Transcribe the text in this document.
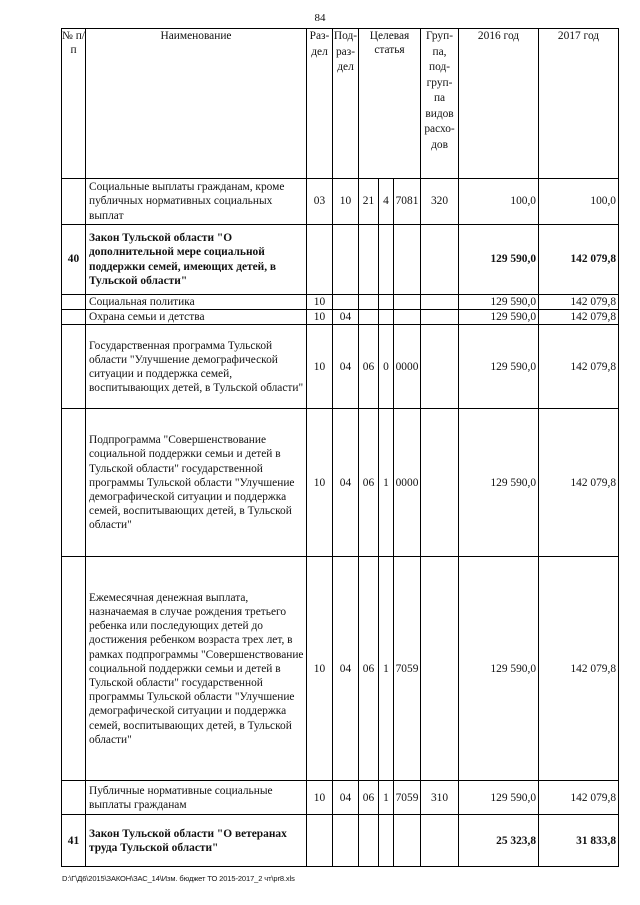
84
№ п/п	Наименование	Раз- дел	Под- раз- дел	Целевая статья			Груп- па, под- груп- па видов расхо- дов	2016 год	2017 год
	Социальные выплаты гражданам, кроме публичных нормативных социальных выплат	03	10	21	4	7081	320	100,0	100,0
40	Закон Тульской области "О дополнительной мере социальной поддержки семей, имеющих детей, в Тульской области"							129 590,0	142 079,8
	Социальная политика	10						129 590,0	142 079,8
	Охрана семьи и детства	10	04					129 590,0	142 079,8
	Государственная программа Тульской области "Улучшение демографической ситуации и поддержка семей, воспитывающих детей, в Тульской области"	10	04	06	0	0000		129 590,0	142 079,8
	Подпрограмма "Совершенствование социальной поддержки семьи и детей в Тульской области" государственной программы Тульской области "Улучшение демографической ситуации и поддержка семей, воспитывающих детей, в Тульской области"	10	04	06	1	0000		129 590,0	142 079,8
	Ежемесячная денежная выплата, назначаемая в случае рождения третьего ребенка или последующих детей до достижения ребенком возраста трех лет, в рамках подпрограммы "Совершенствование социальной поддержки семьи и детей в Тульской области" государственной программы Тульской области "Улучшение демографической ситуации и поддержка семей, воспитывающих детей, в Тульской области"	10	04	06	1	7059		129 590,0	142 079,8
	Публичные нормативные социальные выплаты гражданам	10	04	06	1	7059	310	129 590,0	142 079,8
41	Закон Тульской области "О ветеранах труда Тульской области"							25 323,8	31 833,8
D:\Г\Д6\2015\ЗАКОН\ЗАС_14\Изм. бюджет ТО 2015-2017_2 чт\pr8.xls
